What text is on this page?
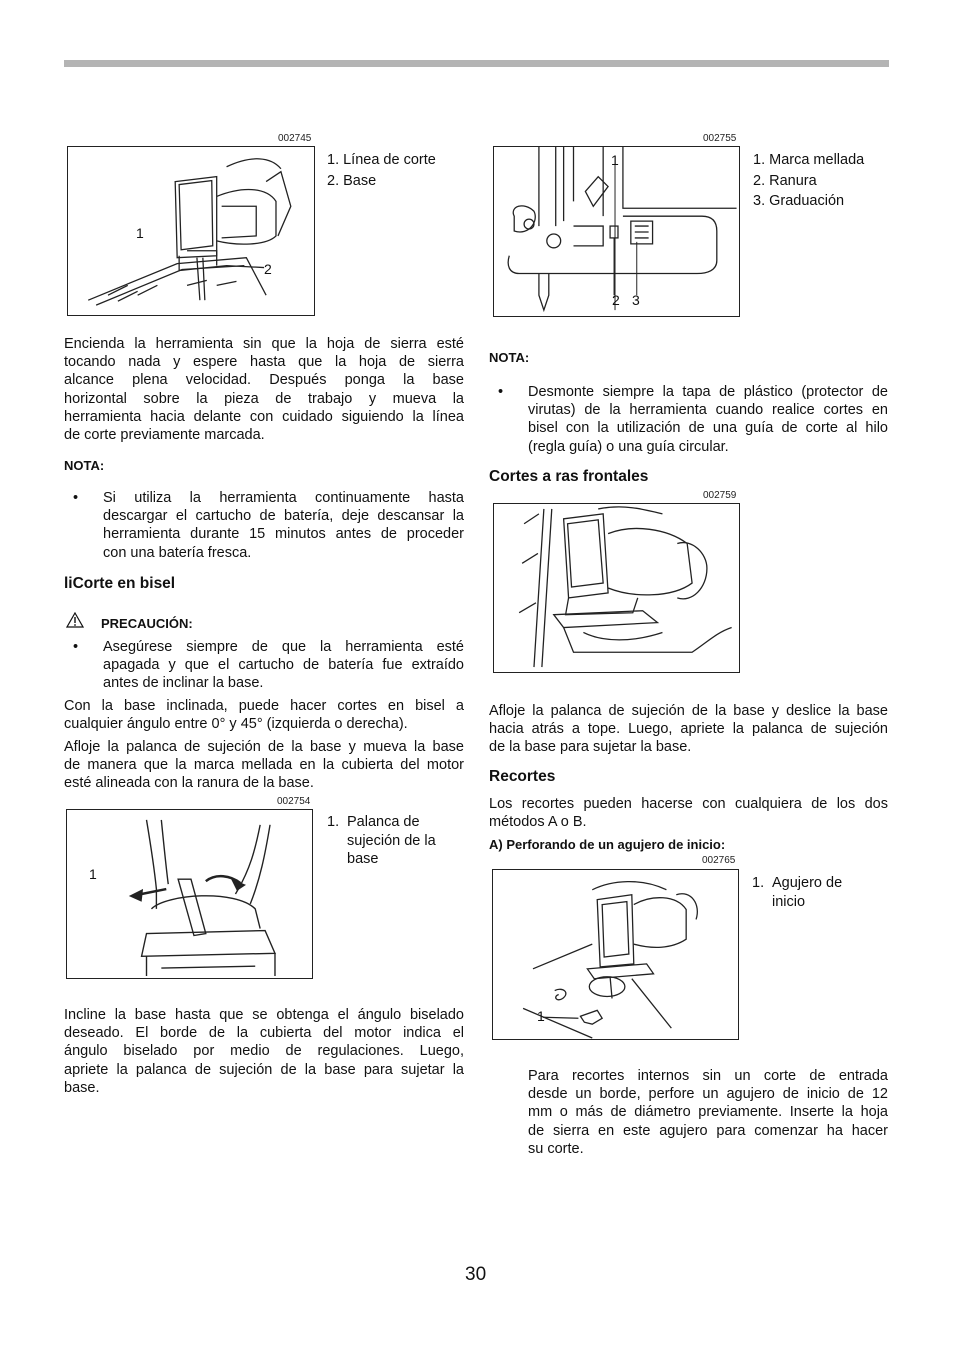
002745
1
2
1. Línea de corte
2. Base
Encienda la herramienta sin que la hoja de sierra esté
tocando nada y espere hasta que la hoja de sierra
alcance plena velocidad. Después ponga la base
horizontal sobre la pieza de trabajo y mueva la
herramienta hacia delante con cuidado siguiendo la línea
de corte previamente marcada.
NOTA:
• Si utiliza la herramienta continuamente hasta
descargar el cartucho de batería, deje descansar la
herramienta durante 15 minutos antes de proceder
con una batería fresca.
liCorte en bisel
PRECAUCIÓN:
• Asegúrese siempre de que la herramienta esté
apagada y que el cartucho de batería fue extraído
antes de inclinar la base.
Con la base inclinada, puede hacer cortes en bisel a
cualquier ángulo entre 0° y 45° (izquierda o derecha).
Afloje la palanca de sujeción de la base y mueva la base
de manera que la marca mellada en la cubierta del motor
esté alineada con la ranura de la base.
002754
1
1. Palanca de
sujeción de la
base
Incline la base hasta que se obtenga el ángulo biselado
deseado. El borde de la cubierta del motor indica el
ángulo biselado por medio de regulaciones. Luego,
apriete la palanca de sujeción de la base para sujetar la
base.
002755
1
2 3
1. Marca mellada
2. Ranura
3. Graduación
NOTA:
• Desmonte siempre la tapa de plástico (protector de
virutas) de la herramienta cuando realice cortes en
bisel con la utilización de una guía de corte al hilo
(regla guía) o una guía circular.
Cortes a ras frontales
002759
Afloje la palanca de sujeción de la base y deslice la base
hacia atrás a tope. Luego, apriete la palanca de sujeción
de la base para sujetar la base.
Recortes
Los recortes pueden hacerse con cualquiera de los dos
métodos A o B.
A) Perforando de un agujero de inicio:
002765
1
1. Agujero de
inicio
Para recortes internos sin un corte de entrada
desde un borde, perfore un agujero de inicio de 12
mm o más de diámetro previamente. Inserte la hoja
de sierra en este agujero para comenzar ha hacer
su corte.
30
